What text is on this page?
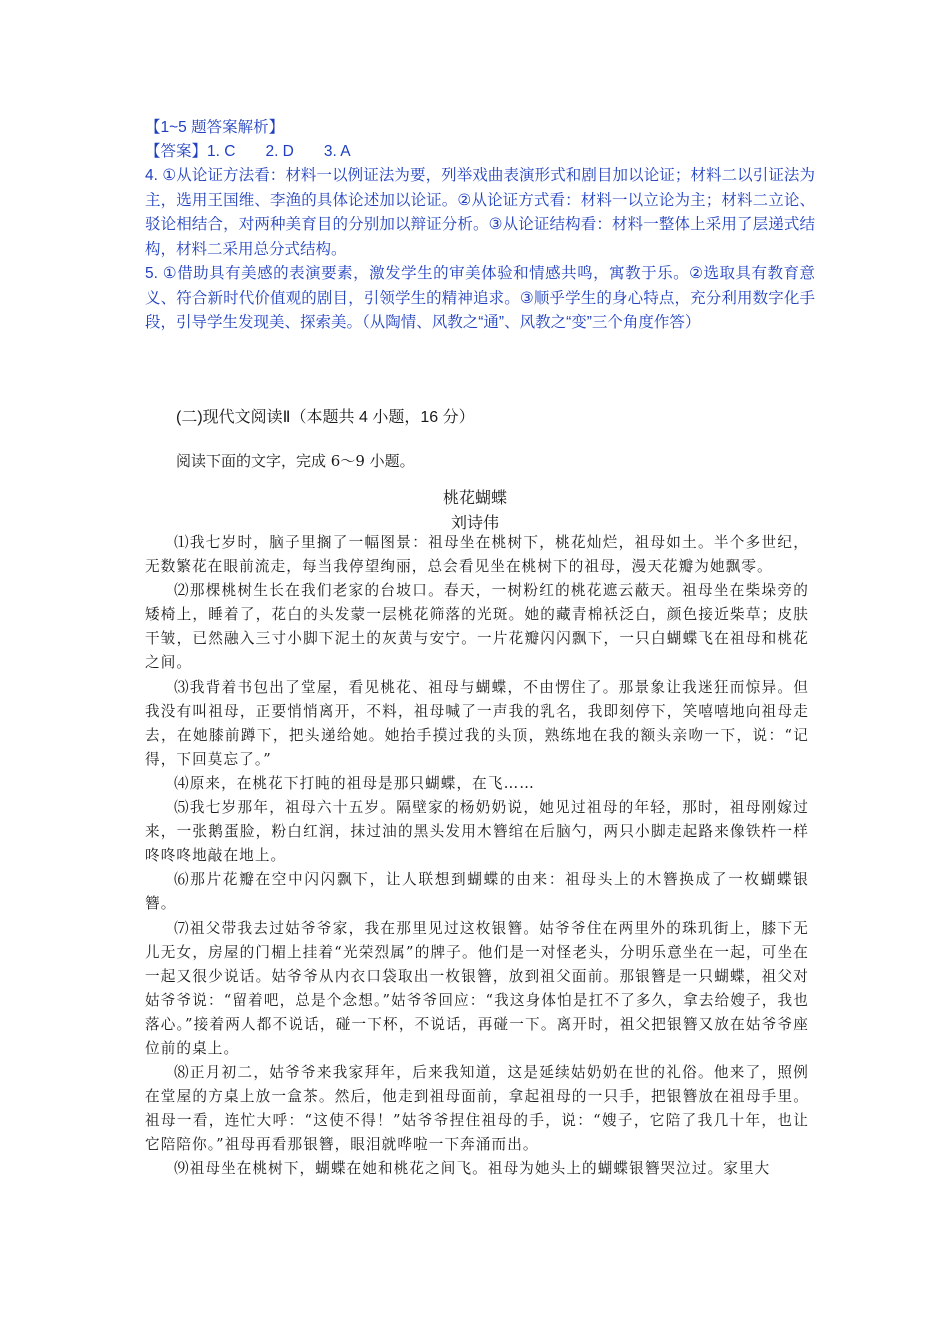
【1~5 题答案解析】
【答案】1. C 2. D 3. A
4. ①从论证方法看：材料一以例证法为要，列举戏曲表演形式和剧目加以论证；材料二以引证法为主，选用王国维、李渔的具体论述加以论证。②从论证方式看：材料一以立论为主；材料二立论、驳论相结合，对两种美育目的分别加以辩证分析。③从论证结构看：材料一整体上采用了层递式结构，材料二采用总分式结构。
5. ①借助具有美感的表演要素，激发学生的审美体验和情感共鸣，寓教于乐。②选取具有教育意义、符合新时代价值观的剧目，引领学生的精神追求。③顺乎学生的身心特点，充分利用数字化手段，引导学生发现美、探索美。（从陶情、风教之“通”、风教之“变”三个角度作答）
(二)现代文阅读Ⅱ（本题共 4 小题，16 分）
阅读下面的文字，完成 6～9 小题。
桃花蝴蝶
刘诗伟

⑴我七岁时，脑子里搁了一幅图景：祖母坐在桃树下，桃花灿烂，祖母如土。半个多世纪，无数繁花在眼前流走，每当我停望绚丽，总会看见坐在桃树下的祖母，漫天花瓣为她飘零。

⑵那棵桃树生长在我们老家的台坡口。春天，一树粉红的桃花遮云蔽天。祖母坐在柴垛旁的矮椅上，睡着了，花白的头发蒙一层桃花筛落的光斑。她的藏青棉袄泛白，颜色接近柴草；皮肤干皱，已然融入三寸小脚下泥土的灰黄与安宁。一片花瓣闪闪飘下，一只白蝴蝶飞在祖母和桃花之间。

⑶我背着书包出了堂屋，看见桃花、祖母与蝴蝶，不由愣住了。那景象让我迷狂而惊异。但我没有叫祖母，正要悄悄离开，不料，祖母喊了一声我的乳名，我即刻停下，笑嘻嘻地向祖母走去，在她膝前蹲下，把头递给她。她抬手摸过我的头顶，熟练地在我的额头亲吻一下，说：“记得，下回莫忘了。”

⑷原来，在桃花下打盹的祖母是那只蝴蝶，在飞……

⑸我七岁那年，祖母六十五岁。隔壁家的杨奶奶说，她见过祖母的年轻，那时，祖母刚嫁过来，一张鹅蛋脸，粉白红润，抹过油的黑头发用木簪绾在后脑勺，两只小脚走起路来像铁杵一样咚咚咚地敲在地上。

⑹那片花瓣在空中闪闪飘下，让人联想到蝴蝶的由来：祖母头上的木簪换成了一枚蝴蝶银簪。

⑺祖父带我去过姑爷爷家，我在那里见过这枚银簪。姑爷爷住在两里外的珠玑街上，膝下无儿无女，房屋的门楣上挂着“光荣烈属”的牌子。他们是一对怪老头，分明乐意坐在一起，可坐在一起又很少说话。姑爷爷从内衣口袋取出一枚银簪，放到祖父面前。那银簪是一只蝴蝶，祖父对姑爷爷说：“留着吧，总是个念想。”姑爷爷回应：“我这身体怕是扛不了多久，拿去给嫂子，我也落心。”接着两人都不说话，碰一下杯，不说话，再碰一下。离开时，祖父把银簪又放在姑爷爷座位前的桌上。

⑻正月初二，姑爷爷来我家拜年，后来我知道，这是延续姑奶奶在世的礼俗。他来了，照例在堂屋的方桌上放一盒茶。然后，他走到祖母面前，拿起祖母的一只手，把银簪放在祖母手里。祖母一看，连忙大呼：“这使不得！”姑爷爷捏住祖母的手，说：“嫂子，它陪了我几十年，也让它陪陪你。”祖母再看那银簪，眼泪就哗啦一下奔涌而出。

⑼祖母坐在桃树下，蝴蝶在她和桃花之间飞。祖母为她头上的蝴蝶银簪哭泣过。家里大
